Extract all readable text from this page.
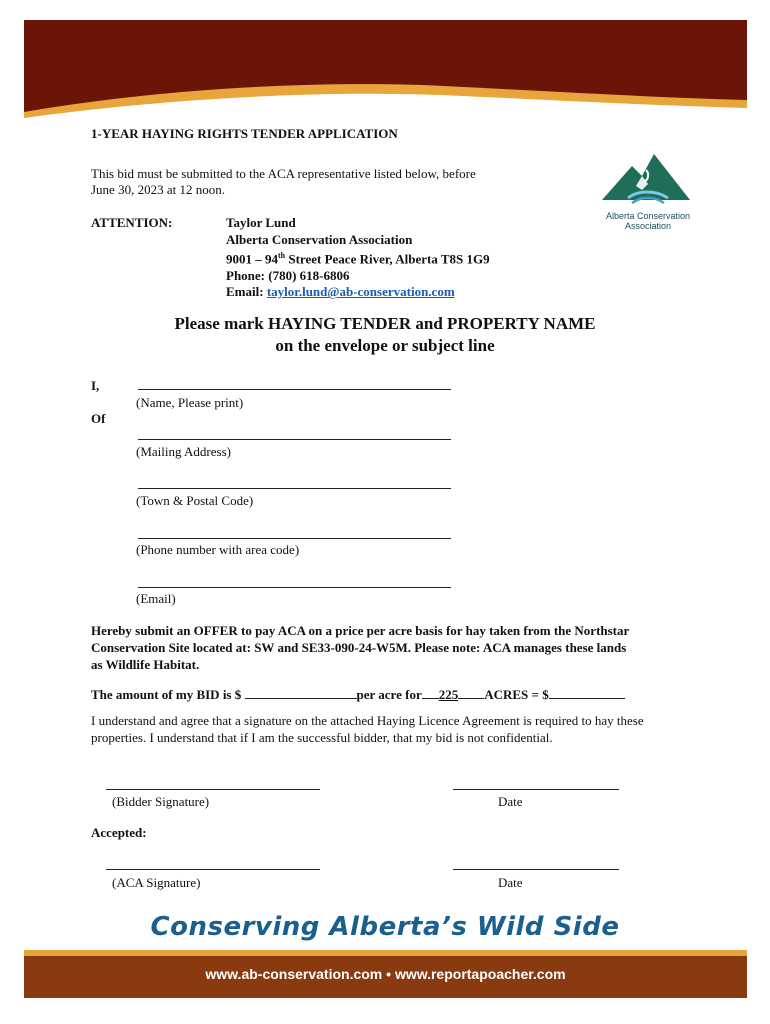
1-YEAR HAYING RIGHTS TENDER APPLICATION
This bid must be submitted to the ACA representative listed below, before
June 30, 2023 at 12 noon.
ATTENTION:	Taylor Lund
Alberta Conservation Association
9001 – 94th Street Peace River, Alberta T8S 1G9
Phone: (780) 618-6806
Email: taylor.lund@ab-conservation.com
Alberta Conservation
Association
Please mark HAYING TENDER and PROPERTY NAME
on the envelope or subject line
I,
Of
(Name, Please print)
(Mailing Address)
(Town & Postal Code)
(Phone number with area code)
(Email)
Hereby submit an OFFER to pay ACA on a price per acre basis for hay taken from the Northstar
Conservation Site located at: SW and SE33-090-24-W5M. Please note: ACA manages these lands
as Wildlife Habitat.
The amount of my BID is $	per acre for 225 ACRES = $
I understand and agree that a signature on the attached Haying Licence Agreement is required to hay these
properties. I understand that if I am the successful bidder, that my bid is not confidential.
(Bidder Signature)	Date
Accepted:
(ACA Signature)	Date
Conserving Alberta’s Wild Side
www.ab-conservation.com • www.reportapoacher.com
